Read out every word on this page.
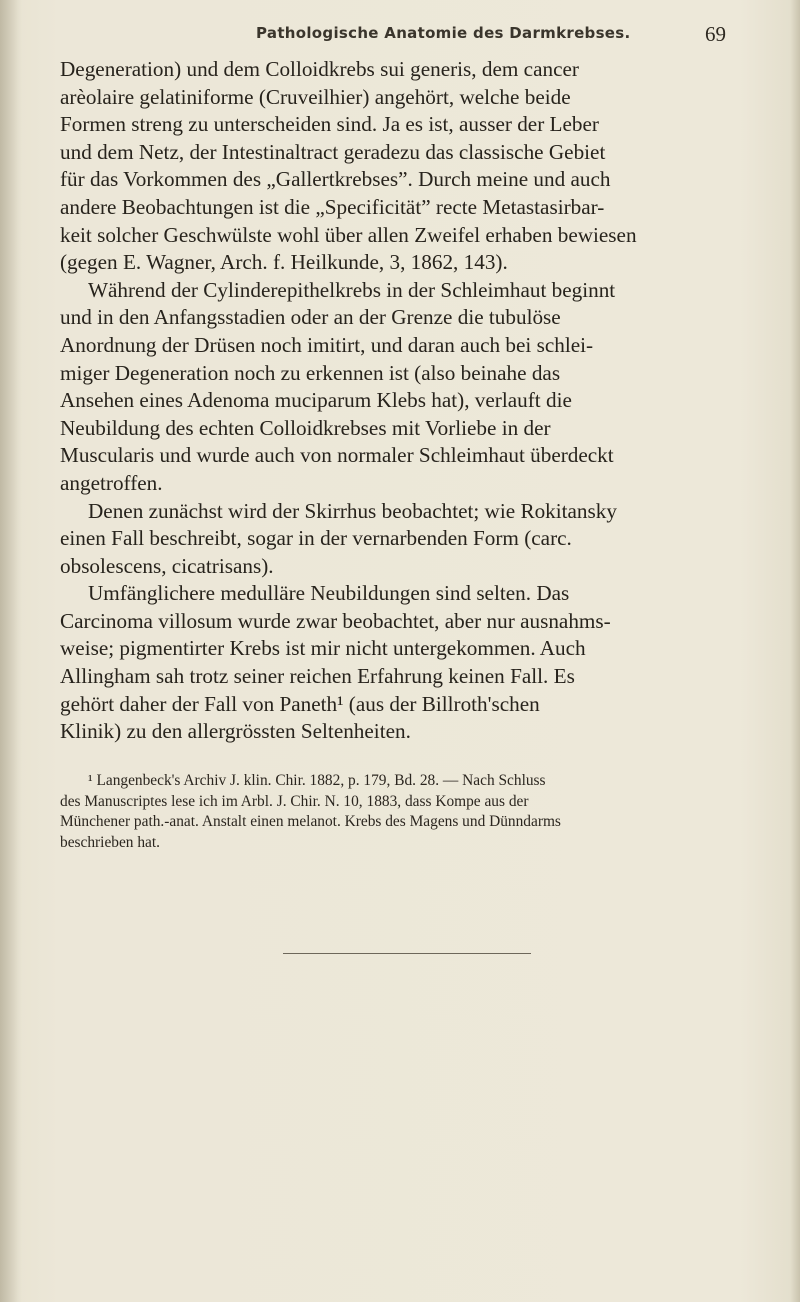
Pathologische Anatomie des Darmkrebses.	69

Degeneration) und dem Colloidkrebs sui generis, dem cancer
arèolaire gelatiniforme (Cruveilhier) angehört, welche beide
Formen streng zu unterscheiden sind. Ja es ist, ausser der Leber
und dem Netz, der Intestinaltract geradezu das classische Gebiet
für das Vorkommen des „Gallertkrebses”. Durch meine und auch
andere Beobachtungen ist die „Specificität” recte Metastasirbar-
keit solcher Geschwülste wohl über allen Zweifel erhaben bewiesen
(gegen E. Wagner, Arch. f. Heilkunde, 3, 1862, 143).

Während der Cylinderepithelkrebs in der Schleimhaut beginnt
und in den Anfangsstadien oder an der Grenze die tubulöse
Anordnung der Drüsen noch imitirt, und daran auch bei schlei-
miger Degeneration noch zu erkennen ist (also beinahe das
Ansehen eines Adenoma muciparum Klebs hat), verlauft die
Neubildung des echten Colloidkrebses mit Vorliebe in der
Muscularis und wurde auch von normaler Schleimhaut überdeckt
angetroffen.

Denen zunächst wird der Skirrhus beobachtet; wie Rokitansky
einen Fall beschreibt, sogar in der vernarbenden Form (carc.
obsolescens, cicatrisans).

Umfänglichere medulläre Neubildungen sind selten. Das
Carcinoma villosum wurde zwar beobachtet, aber nur ausnahms-
weise; pigmentirter Krebs ist mir nicht untergekommen. Auch
Allingham sah trotz seiner reichen Erfahrung keinen Fall. Es
gehört daher der Fall von Paneth¹ (aus der Billroth'schen
Klinik) zu den allergrössten Seltenheiten.

¹ Langenbeck's Archiv J. klin. Chir. 1882, p. 179, Bd. 28. — Nach Schluss
des Manuscriptes lese ich im Arbl. J. Chir. N. 10, 1883, dass Kompe aus der
Münchener path.-anat. Anstalt einen melanot. Krebs des Magens und Dünndarms
beschrieben hat.
